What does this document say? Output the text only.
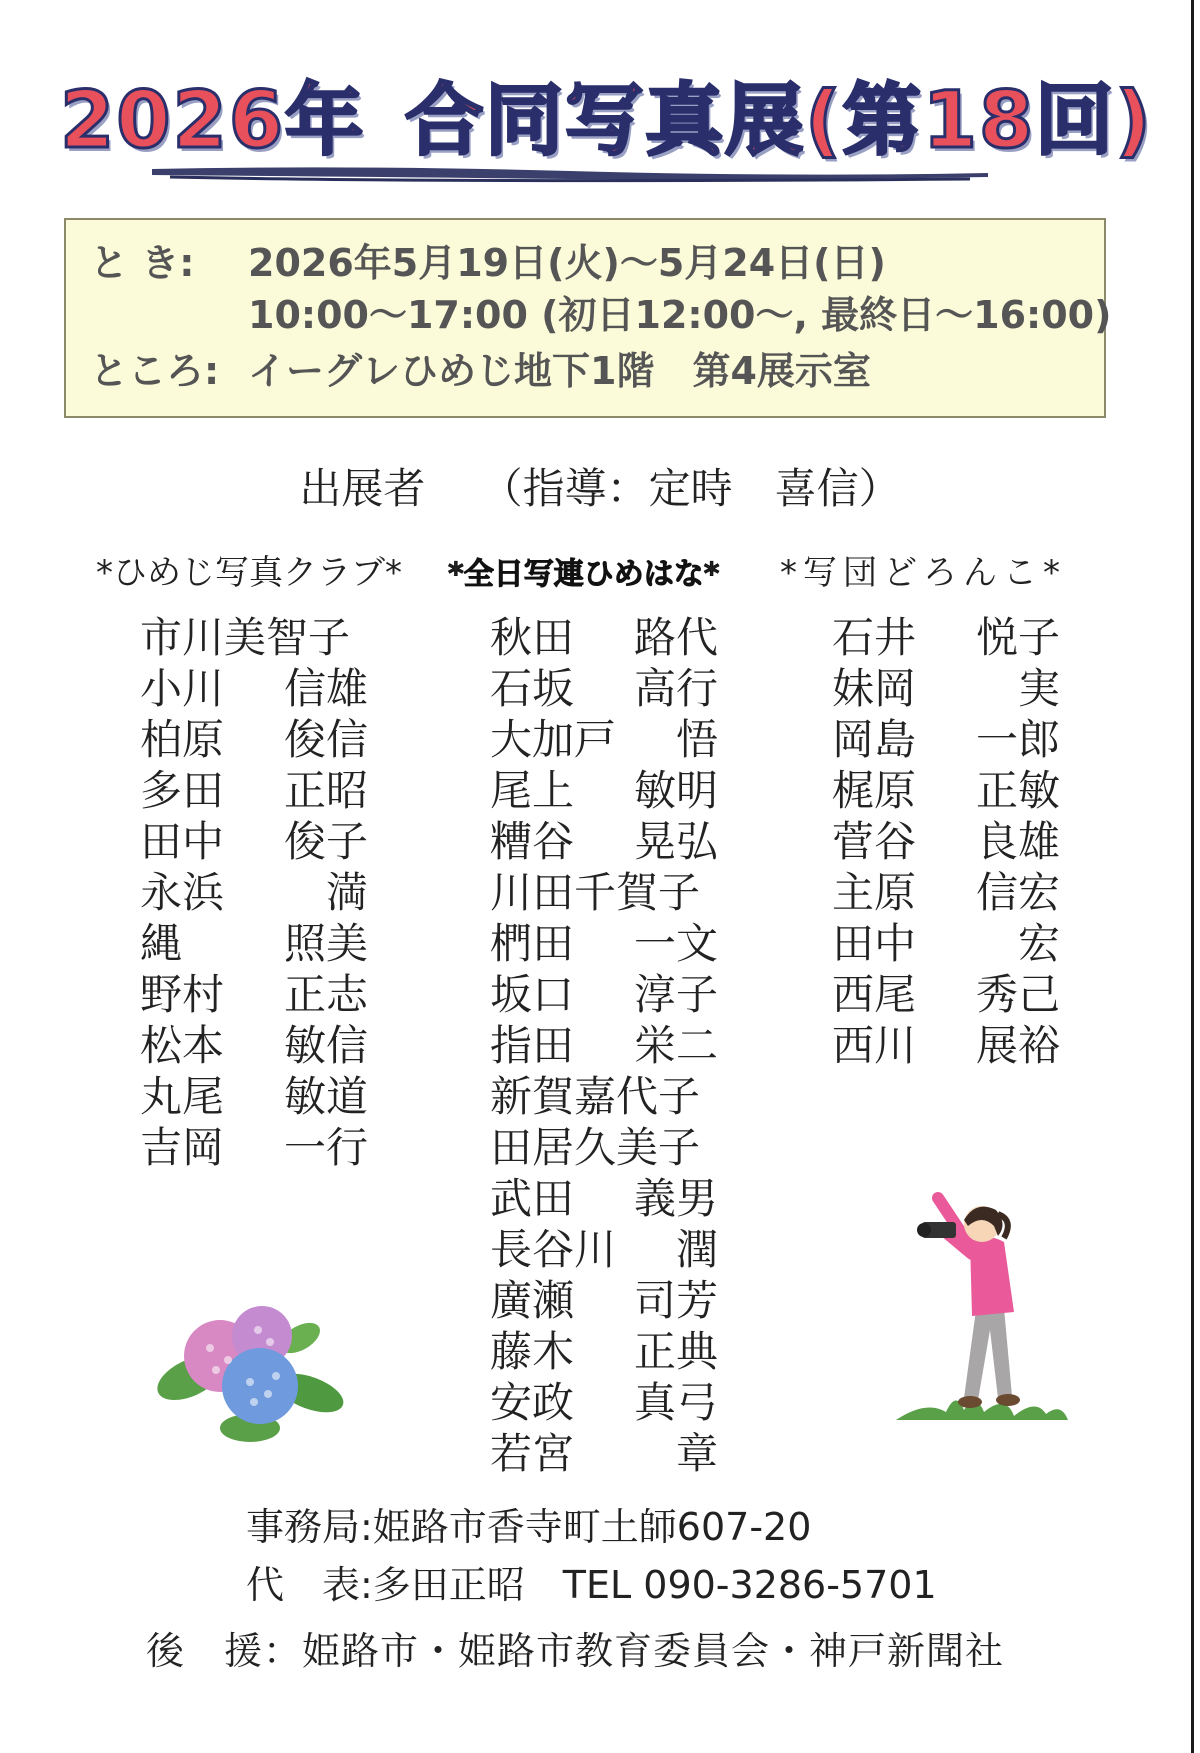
2026年 合同写真展(第18回)
と き: 2026年5月19日(火)～5月24日(日)
10:00～17:00 (初日12:00～, 最終日～16:00)
ところ: イーグレひめじ地下1階　第4展示室
出展者　 （指導：定時　喜信）
*ひめじ写真クラブ* *全日写連ひめはな* *写団どろんこ*
市川美智子
小川 信雄
柏原 俊信
多田 正昭
田中 俊子
永浜 満
縄 照美
野村 正志
松本 敏信
丸尾 敏道
吉岡 一行
秋田 路代
石坂 高行
大加戸 悟
尾上 敏明
糟谷 晃弘
川田千賀子
椚田 一文
坂口 淳子
指田 栄二
新賀嘉代子
田居久美子
武田 義男
長谷川 潤
廣瀬 司芳
藤木 正典
安政 真弓
若宮 章
石井 悦子
妹岡 実
岡島 一郎
梶原 正敏
菅谷 良雄
主原 信宏
田中 宏
西尾 秀己
西川 展裕
事務局:姫路市香寺町土師607-20
代　表:多田正昭　TEL 090-3286-5701
後　援：姫路市・姫路市教育委員会・神戸新聞社
